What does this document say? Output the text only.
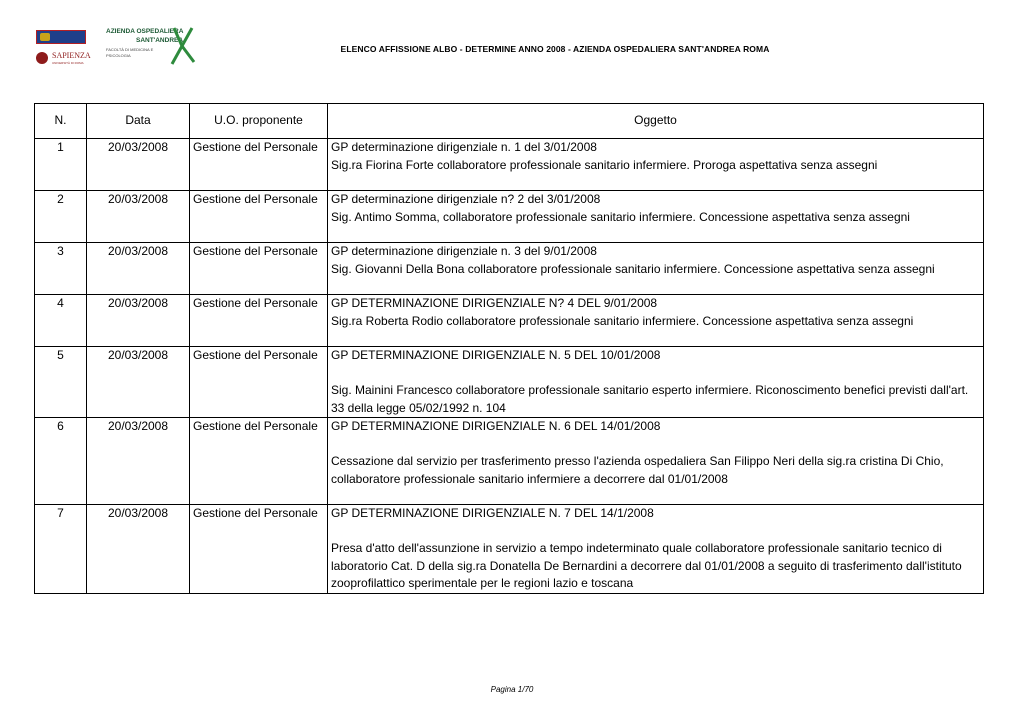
SAPIENZA
UNIVERSITÀ DI ROMA
AZIENDA OSPEDALIERA
SANT'ANDREA
FACOLTÀ DI MEDICINA E
PSICOLOGIA
ELENCO AFFISSIONE ALBO - DETERMINE ANNO 2008 - AZIENDA OSPEDALIERA SANT'ANDREA ROMA
N.	Data	U.O. proponente	Oggetto
1	20/03/2008	Gestione del Personale	GP determinazione dirigenziale n. 1 del 3/01/2008
Sig.ra Fiorina Forte collaboratore professionale sanitario infermiere. Proroga aspettativa senza assegni

2	20/03/2008	Gestione del Personale	GP determinazione dirigenziale n? 2 del 3/01/2008
Sig. Antimo Somma, collaboratore professionale sanitario infermiere. Concessione aspettativa senza assegni

3	20/03/2008	Gestione del Personale	GP determinazione dirigenziale n. 3 del 9/01/2008
Sig. Giovanni Della Bona collaboratore professionale sanitario infermiere. Concessione aspettativa senza assegni

4	20/03/2008	Gestione del Personale	GP DETERMINAZIONE DIRIGENZIALE N? 4 DEL 9/01/2008
Sig.ra Roberta Rodio collaboratore professionale sanitario infermiere. Concessione aspettativa senza assegni

5	20/03/2008	Gestione del Personale	GP DETERMINAZIONE DIRIGENZIALE N. 5 DEL 10/01/2008
Sig. Mainini Francesco collaboratore professionale sanitario esperto infermiere. Riconoscimento benefici previsti dall'art. 33 della legge 05/02/1992 n. 104

6	20/03/2008	Gestione del Personale	GP DETERMINAZIONE DIRIGENZIALE N. 6 DEL 14/01/2008
Cessazione dal servizio per trasferimento presso l'azienda ospedaliera San Filippo Neri della sig.ra cristina Di Chio, collaboratore professionale sanitario infermiere a decorrere dal 01/01/2008

7	20/03/2008	Gestione del Personale	GP DETERMINAZIONE DIRIGENZIALE N. 7 DEL 14/1/2008
Presa d'atto dell'assunzione in servizio a tempo indeterminato quale collaboratore professionale sanitario tecnico di laboratorio Cat. D della sig.ra Donatella De Bernardini a decorrere dal 01/01/2008 a seguito di trasferimento dall'istituto zooprofilattico sperimentale per le regioni lazio e toscana
Pagina 1/70
